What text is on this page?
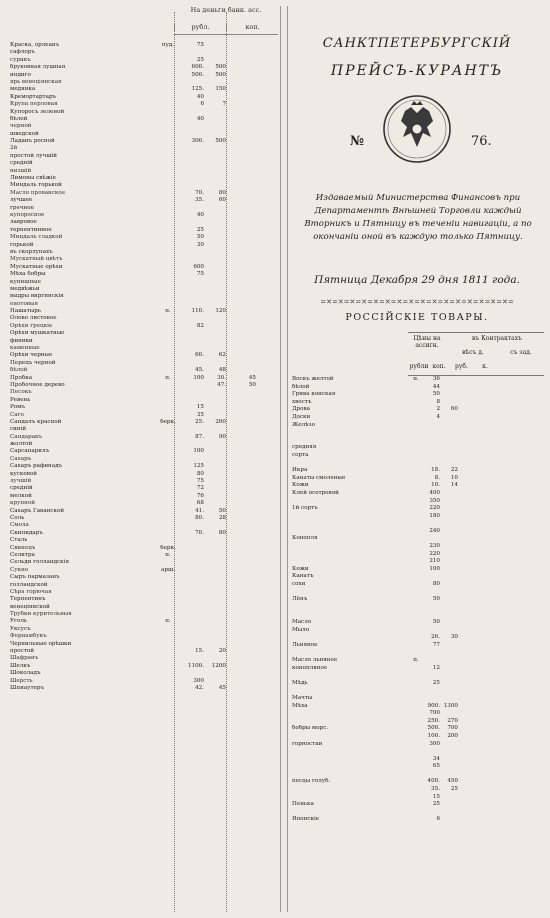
На деньги банк. асс.
рубл.	коп.
Краска, орлеанъ	пуд.	75
сафлоръ
сурикъ	25
бруковная лушпая	600.	500
индиго	500.	500
ярь венеціянская
медянка	125.	150
Кремортартаръ	40
Крупа перловая	6	7
Купоросъ зеленой
бѣлой	40
черной
шведской
Ладанъ росной	300.	500
2й
простой лучшій
средній
низшій
Лимоны свѣжіе
Миндаль горькой
Масло прованское	70.	80
лучшее	35.	60
гречное
купоросное	40
лавровое
терпентинное	25
Миндаль сладкой	50
горькой	30
въ скорлупахъ
Мускатный цвѣтъ
Мускатные орѣхи	600
Мѣха бобры	75
кунишные
медвѣжьи
выдры виргинскія
енотовыя
Нашатырь	п.	110.	120
Олово листовое
Орѣхи грецкіе	82
Орѣхи мушкатные
финики
каменные
Орѣхи черные	60.	62
Перецъ черной
бѣлой	45.	48
Пробка	п.	100	30.	45
Пробочное дерево	47.	50
Песокъ
Ревень
Ромъ	15
Саго	35
Сандалъ красной	берк.	25.	260
синій
Сандаракъ	87.	90
жолтой
Сарсапарилъ	100
Сахаръ
Сахаръ рафинадъ	125
кусковой	80
лучшій	75
средній	72
мелкой	76
крупной	68
Сахаръ Гаванской	41.	50
Соль	80.	28
Смола
Скипидаръ	70.	80
Сталь
Свинецъ	берк.
Селитра	п.
Сельди голландскія
Сукно	арш.
Сыръ пармазанъ
голландской
Сѣра горючая
Терпентинъ
венеціянской
Трубки курительныя
Уголь	п.
Уксусъ
Фернамбукъ
Чернильные орѣшки
простой	15.	20
Шафранъ
Шелкъ	1100.	1200
Шоколадъ
Шерсть	300
Шпиаутеръ	42.	45
САНКТПЕТЕРБУРГСКІЙ
ПРЕЙСЪ-КУРАНТЪ
№	76.
Издаваемый Министерства Финансовъ при Департаментѣ Внѣшней Торговли каждый Вторникъ и Пятницу въ теченіи навигаціи, а по окончаніи оной въ каждую только Пятницу.
Пятница Декабря 29 дня 1811 года.
=✕=✕=✕=✕=✕=✕=✕=✕=✕=✕=✕=✕=✕=✕=✕=✕=
РОССІЙСКІЕ ТОВАРЫ.
Цѣны на ассигн.
въ Контрактахъ
вѣсъ д.	съ зад.
рубли коп.	руб.	к.
Воскъ желтой	п.	36
бѣлой	44
Грива конская	50
хвостъ	8
Дрова	2	60
Доски	4
Желѣзо
средняя
сорта
Икра	18.	22
Канаты смоленые	8.	10
Кожи	10.	14
Клей осетровой	400
350
1й сортъ	220
180
240
Конопля
230
220
210
Кожи	100
Канатъ
сохи	80
Лёнъ	50
Масло	50
Мыло
26.	30
Льняное	77
Масло льняное	п.
конопляное	12
Мѣдь	25
Мачты
Мѣха	900. 1300
700
250.	270
бобры морс.	500.	700
100.	200
горностаи	300
34
65
песцы голуб.	400.	450
35.	25
15
Пенька	25
Японскіе	6
